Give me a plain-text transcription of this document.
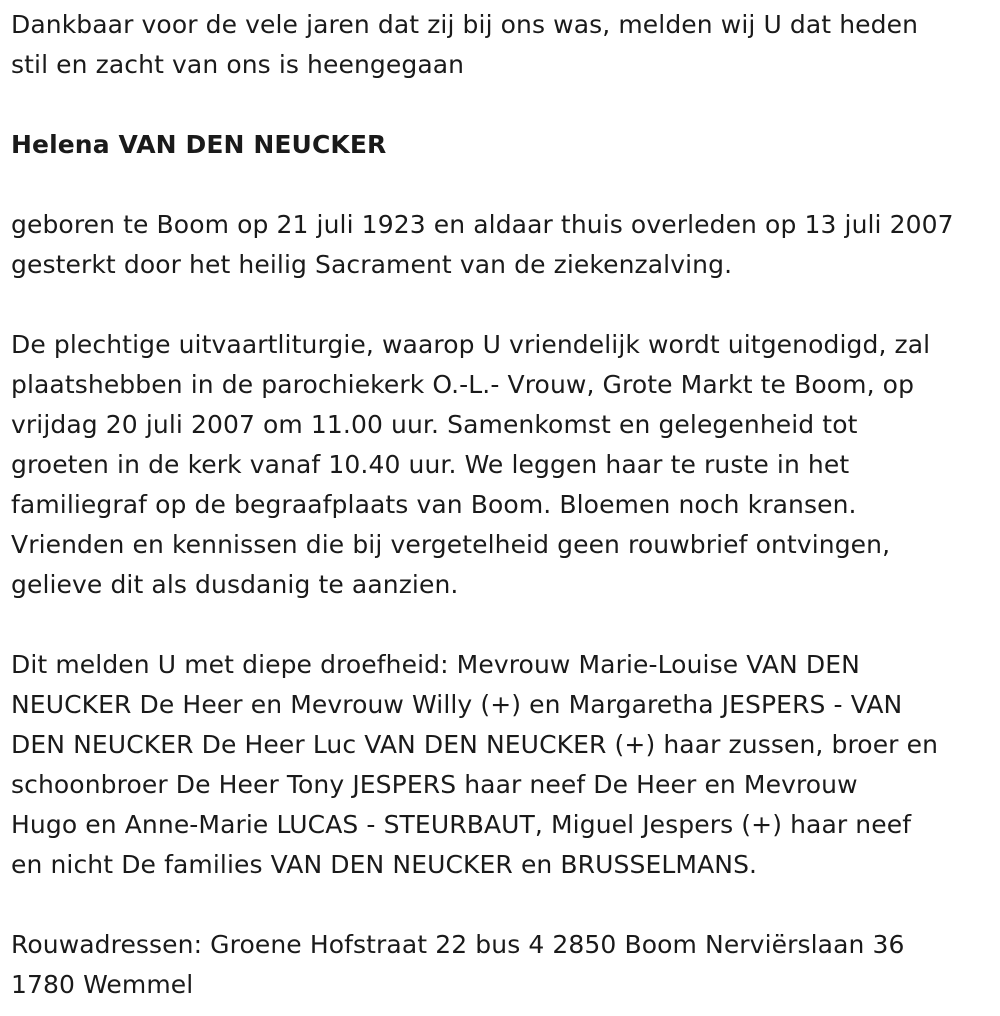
Dankbaar voor de vele jaren dat zij bij ons was, melden wij U dat heden
stil en zacht van ons is heengegaan

Helena VAN DEN NEUCKER

geboren te Boom op 21 juli 1923 en aldaar thuis overleden op 13 juli 2007
gesterkt door het heilig Sacrament van de ziekenzalving.

De plechtige uitvaartliturgie, waarop U vriendelijk wordt uitgenodigd, zal
plaatshebben in de parochiekerk O.-L.- Vrouw, Grote Markt te Boom, op
vrijdag 20 juli 2007 om 11.00 uur. Samenkomst en gelegenheid tot
groeten in de kerk vanaf 10.40 uur. We leggen haar te ruste in het
familiegraf op de begraafplaats van Boom. Bloemen noch kransen.
Vrienden en kennissen die bij vergetelheid geen rouwbrief ontvingen,
gelieve dit als dusdanig te aanzien.

Dit melden U met diepe droefheid: Mevrouw Marie-Louise VAN DEN
NEUCKER De Heer en Mevrouw Willy (+) en Margaretha JESPERS - VAN
DEN NEUCKER De Heer Luc VAN DEN NEUCKER (+) haar zussen, broer en
schoonbroer De Heer Tony JESPERS haar neef De Heer en Mevrouw
Hugo en Anne-Marie LUCAS - STEURBAUT, Miguel Jespers (+) haar neef
en nicht De families VAN DEN NEUCKER en BRUSSELMANS.

Rouwadressen: Groene Hofstraat 22 bus 4 2850 Boom Nerviërslaan 36
1780 Wemmel
